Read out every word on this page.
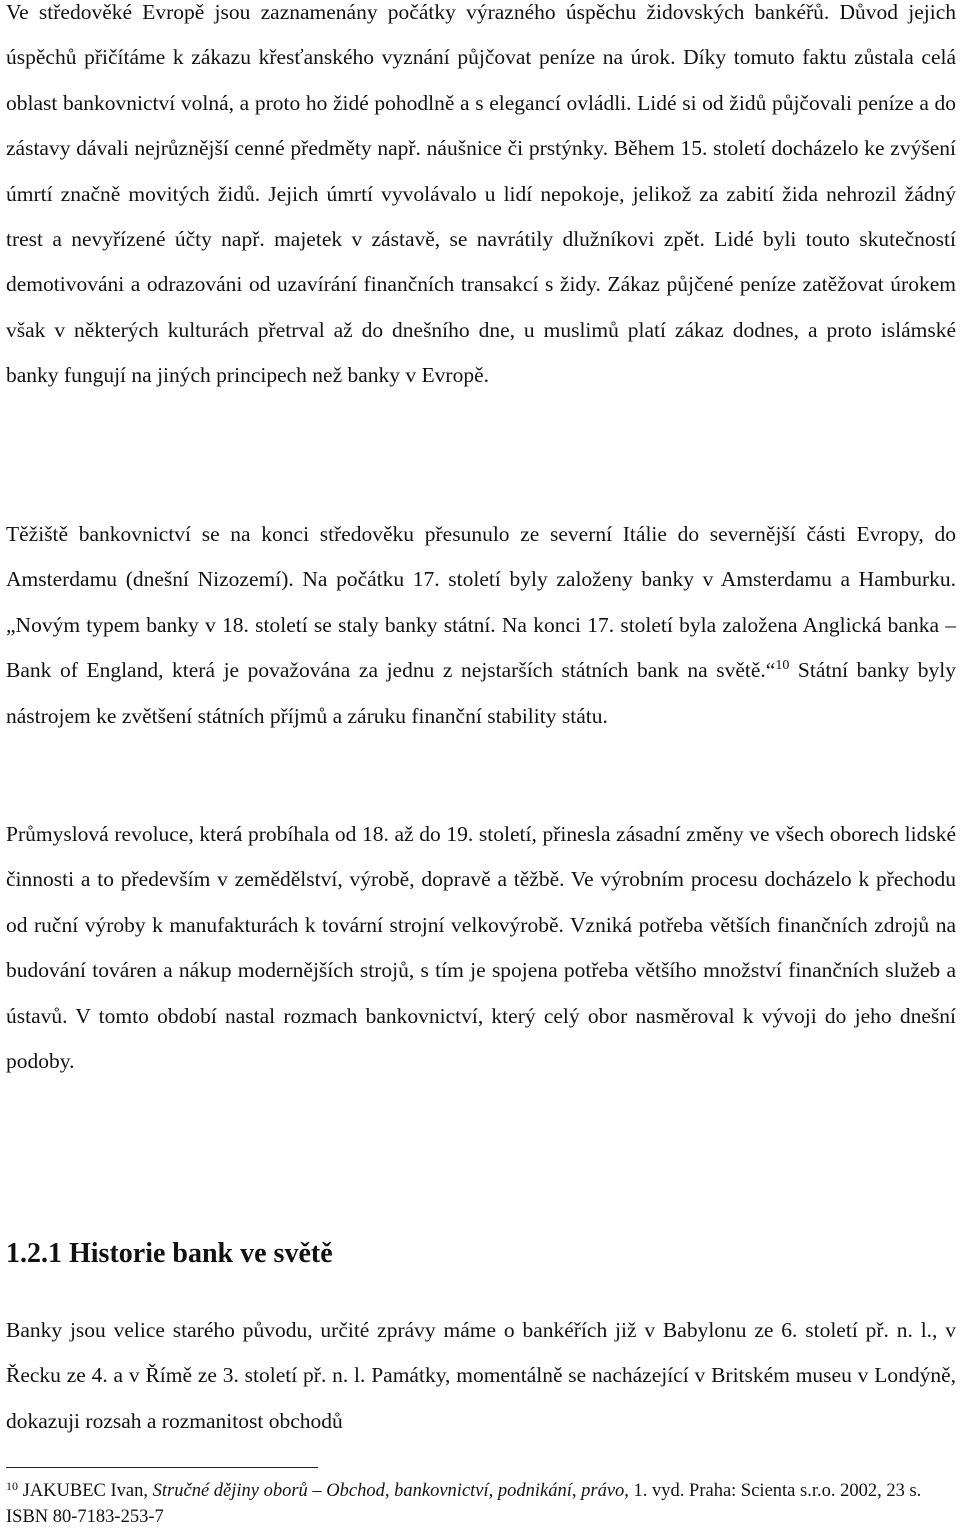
Ve středověké Evropě jsou zaznamenány počátky výrazného úspěchu židovských bankéřů. Důvod jejich úspěchů přičítáme k zákazu křesťanského vyznání půjčovat peníze na úrok. Díky tomuto faktu zůstala celá oblast bankovnictví volná, a proto ho židé pohodlně a s elegancí ovládli. Lidé si od židů půjčovali peníze a do zástavy dávali nejrůznější cenné předměty např. náušnice či prstýnky. Během 15. století docházelo ke zvýšení úmrtí značně movitých židů. Jejich úmrtí vyvolávalo u lidí nepokoje, jelikož za zabití žida nehrozil žádný trest a nevyřízené účty např. majetek v zástavě, se navrátily dlužníkovi zpět. Lidé byli touto skutečností demotivováni a odrazováni od uzavírání finančních transakcí s židy. Zákaz půjčené peníze zatěžovat úrokem však v některých kulturách přetrval až do dnešního dne, u muslimů platí zákaz dodnes, a proto islámské banky fungují na jiných principech než banky v Evropě.

Těžiště bankovnictví se na konci středověku přesunulo ze severní Itálie do severnější části Evropy, do Amsterdamu (dnešní Nizozemí). Na počátku 17. století byly založeny banky v Amsterdamu a Hamburku. „Novým typem banky v 18. století se staly banky státní. Na konci 17. století byla založena Anglická banka – Bank of England, která je považována za jednu z nejstarších státních bank na světě.“$^{10}$ Státní banky byly nástrojem ke zvětšení státních příjmů a záruku finanční stability státu.

Průmyslová revoluce, která probíhala od 18. až do 19. století, přinesla zásadní změny ve všech oborech lidské činnosti a to především v zemědělství, výrobě, dopravě a těžbě. Ve výrobním procesu docházelo k přechodu od ruční výroby k manufakturách k tovární strojní velkovýrobě. Vzniká potřeba větších finančních zdrojů na budování továren a nákup modernějších strojů, s tím je spojena potřeba většího množství finančních služeb a ústavů. V tomto období nastal rozmach bankovnictví, který celý obor nasměroval k vývoji do jeho dnešní podoby.

1.2.1 Historie bank ve světě

Banky jsou velice starého původu, určité zprávy máme o bankéřích již v Babylonu ze 6. století př. n. l., v Řecku ze 4. a v Římě ze 3. století př. n. l. Památky, momentálně se nacházející v Britském museu v Londýně, dokazuji rozsah a rozmanitost obchodů

$^{10}$ JAKUBEC Ivan, Stručné dějiny oborů – Obchod, bankovnictví, podnikání, právo, 1. vyd. Praha: Scienta s.r.o. 2002, 23 s. ISBN 80-7183-253-7
